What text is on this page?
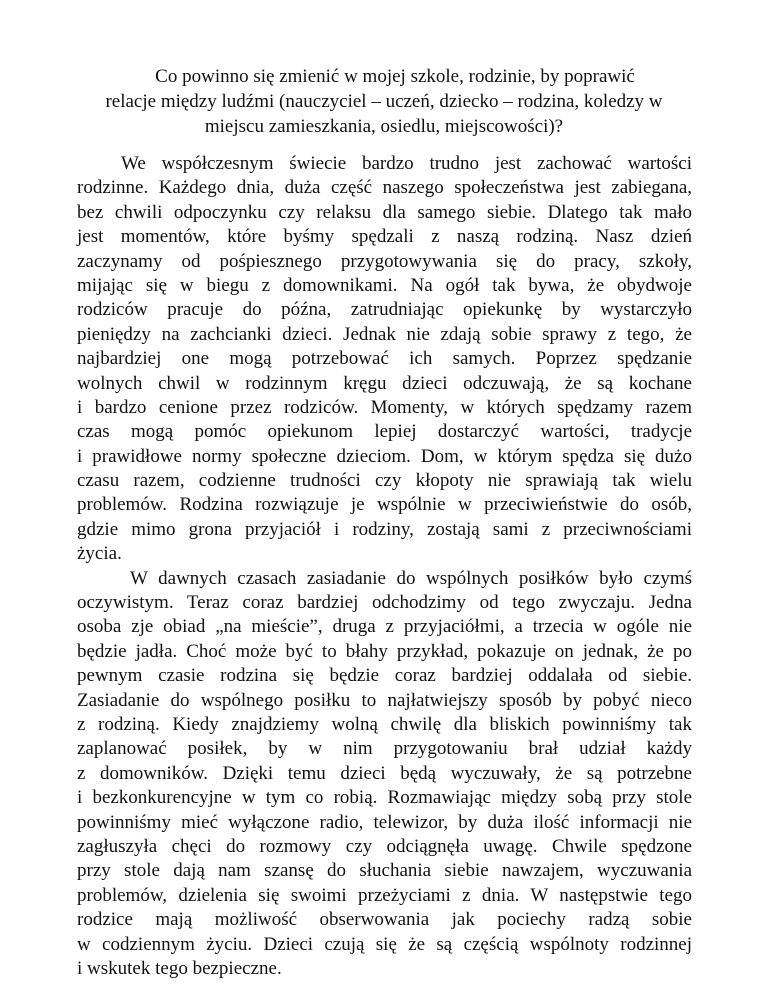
Co powinno się zmienić w mojej szkole, rodzinie, by poprawić
relacje między ludźmi (nauczyciel – uczeń, dziecko – rodzina, koledzy w
miejscu zamieszkania, osiedlu, miejscowości)?
We współczesnym świecie bardzo trudno jest zachować wartości
rodzinne. Każdego dnia, duża część naszego społeczeństwa jest zabiegana,
bez chwili odpoczynku czy relaksu dla samego siebie. Dlatego tak mało
jest momentów, które byśmy spędzali z naszą rodziną. Nasz dzień
zaczynamy od pośpiesznego przygotowywania się do pracy, szkoły,
mijając się w biegu z domownikami. Na ogół tak bywa, że obydwoje
rodziców pracuje do późna, zatrudniając opiekunkę by wystarczyło
pieniędzy na zachcianki dzieci. Jednak nie zdają sobie sprawy z tego, że
najbardziej one mogą potrzebować ich samych. Poprzez spędzanie
wolnych chwil w rodzinnym kręgu dzieci odczuwają, że są kochane
i bardzo cenione przez rodziców. Momenty, w których spędzamy razem
czas mogą pomóc opiekunom lepiej dostarczyć wartości, tradycje
i prawidłowe normy społeczne dzieciom. Dom, w którym spędza się dużo
czasu razem, codzienne trudności czy kłopoty nie sprawiają tak wielu
problemów. Rodzina rozwiązuje je wspólnie w przeciwieństwie do osób,
gdzie mimo grona przyjaciół i rodziny, zostają sami z przeciwnościami
życia.
W dawnych czasach zasiadanie do wspólnych posiłków było czymś
oczywistym. Teraz coraz bardziej odchodzimy od tego zwyczaju. Jedna
osoba zje obiad „na mieście”, druga z przyjaciółmi, a trzecia w ogóle nie
będzie jadła. Choć może być to błahy przykład, pokazuje on jednak, że po
pewnym czasie rodzina się będzie coraz bardziej oddalała od siebie.
Zasiadanie do wspólnego posiłku to najłatwiejszy sposób by pobyć nieco
z rodziną. Kiedy znajdziemy wolną chwilę dla bliskich powinniśmy tak
zaplanować posiłek, by w nim przygotowaniu brał udział każdy
z domowników. Dzięki temu dzieci będą wyczuwały, że są potrzebne
i bezkonkurencyjne w tym co robią. Rozmawiając między sobą przy stole
powinniśmy mieć wyłączone radio, telewizor, by duża ilość informacji nie
zagłuszyła chęci do rozmowy czy odciągnęła uwagę. Chwile spędzone
przy stole dają nam szansę do słuchania siebie nawzajem, wyczuwania
problemów, dzielenia się swoimi przeżyciami z dnia. W następstwie tego
rodzice mają możliwość obserwowania jak pociechy radzą sobie
w codziennym życiu. Dzieci czują się że są częścią wspólnoty rodzinnej
i wskutek tego bezpieczne.
